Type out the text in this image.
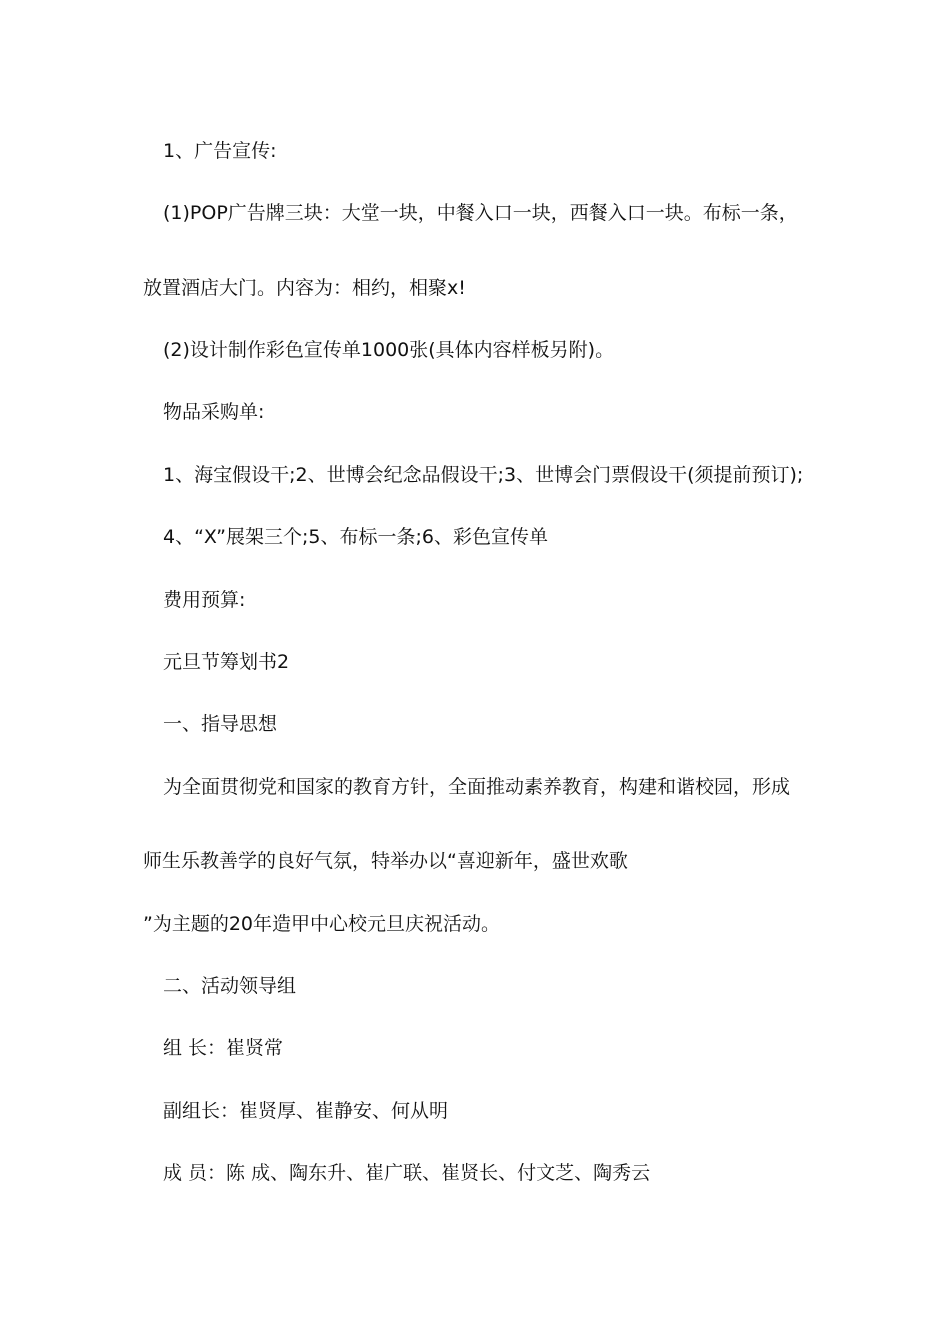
1、广告宣传:
(1)POP广告牌三块：大堂一块，中餐入口一块，西餐入口一块。布标一条，
放置酒店大门。内容为：相约，相聚x!
(2)设计制作彩色宣传单1000张(具体内容样板另附)。
物品采购单:
1、海宝假设干;2、世博会纪念品假设干;3、世博会门票假设干(须提前预订);
4、“X”展架三个;5、布标一条;6、彩色宣传单
费用预算:
元旦节筹划书2
一、指导思想
为全面贯彻党和国家的教育方针，全面推动素养教育，构建和谐校园，形成
师生乐教善学的良好气氛，特举办以“喜迎新年，盛世欢歌
”为主题的20年造甲中心校元旦庆祝活动。
二、活动领导组
组 长：崔贤常
副组长：崔贤厚、崔静安、何从明
成 员：陈 成、陶东升、崔广联、崔贤长、付文芝、陶秀云
